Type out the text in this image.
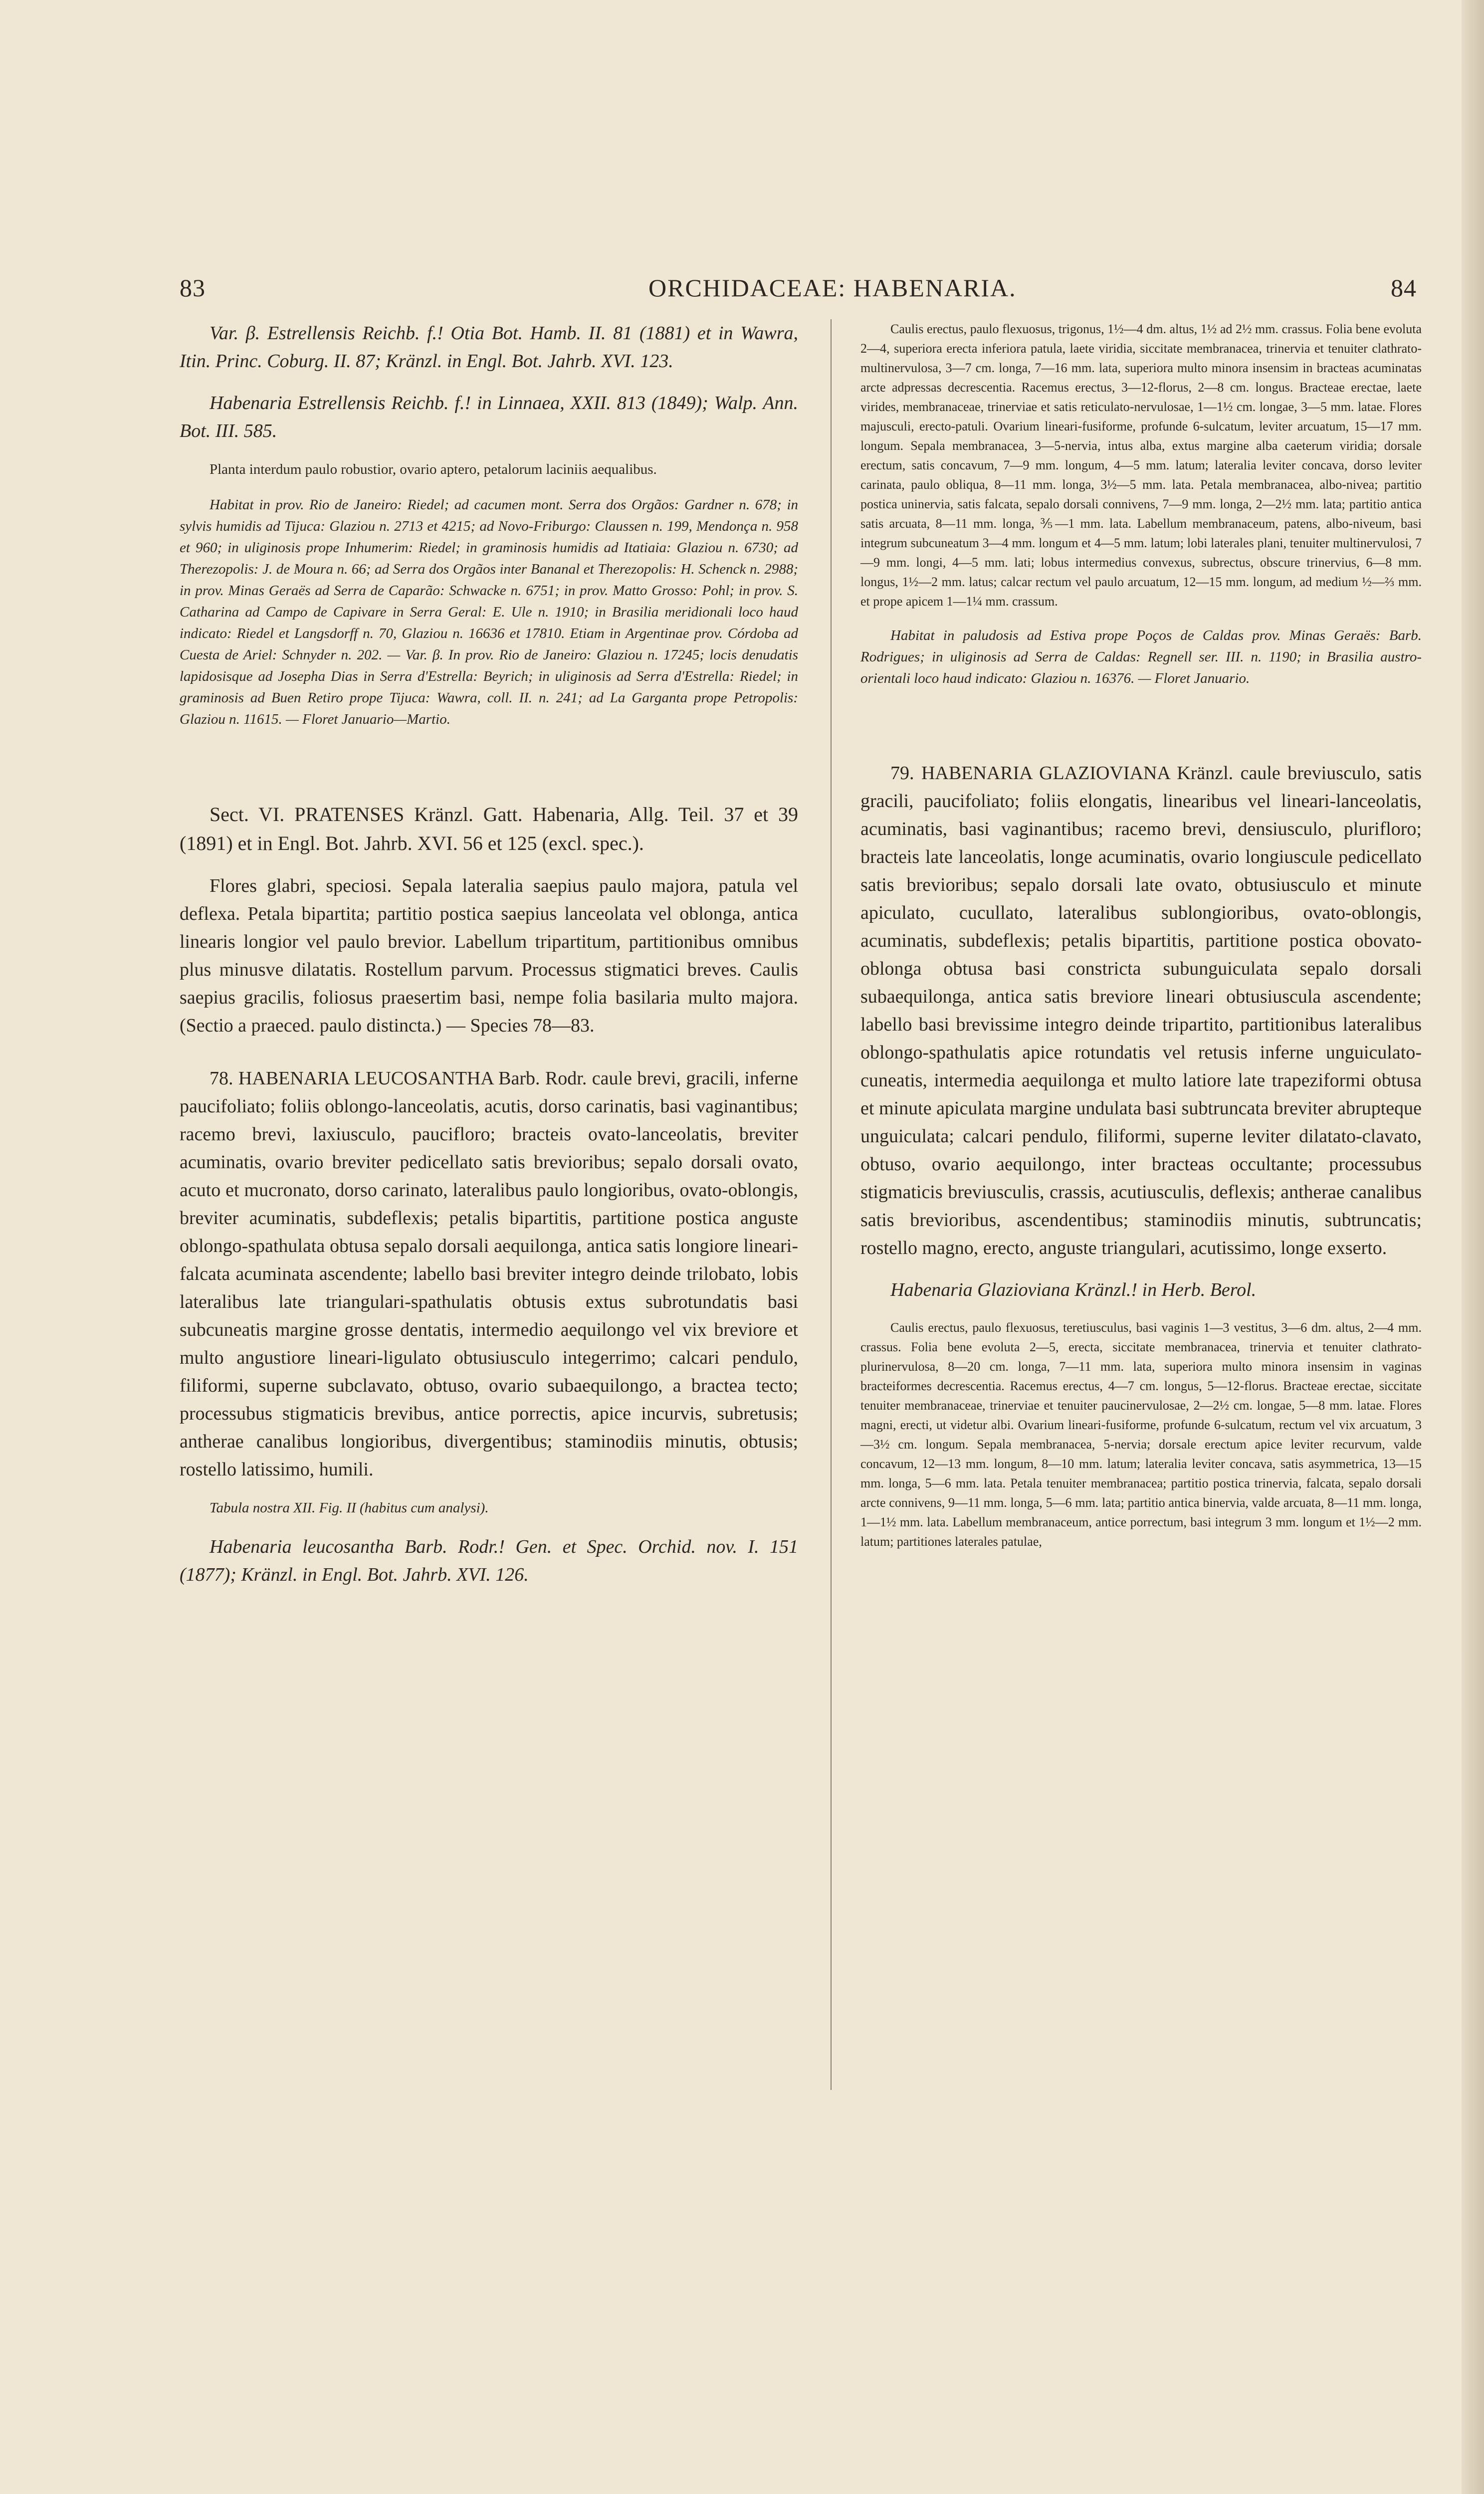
83	ORCHIDACEAE: HABENARIA.	84

Var. β. Estrellensis Reichb. f.! Otia Bot. Hamb. II. 81 (1881) et in Wawra, Itin. Princ. Coburg. II. 87; Kränzl. in Engl. Bot. Jahrb. XVI. 123.

Habenaria Estrellensis Reichb. f.! in Linnaea, XXII. 813 (1849); Walp. Ann. Bot. III. 585.

Planta interdum paulo robustior, ovario aptero, petalorum laciniis aequalibus.

Habitat in prov. Rio de Janeiro: Riedel; ad cacumen mont. Serra dos Orgãos: Gardner n. 678; in sylvis humidis ad Tijuca: Glaziou n. 2713 et 4215; ad Novo-Friburgo: Claussen n. 199, Mendonça n. 958 et 960; in uliginosis prope Inhumerim: Riedel; in graminosis humidis ad Itatiaia: Glaziou n. 6730; ad Therezopolis: J. de Moura n. 66; ad Serra dos Orgãos inter Bananal et Therezopolis: H. Schenck n. 2988; in prov. Minas Geraës ad Serra de Caparão: Schwacke n. 6751; in prov. Matto Grosso: Pohl; in prov. S. Catharina ad Campo de Capivare in Serra Geral: E. Ule n. 1910; in Brasilia meridionali loco haud indicato: Riedel et Langsdorff n. 70, Glaziou n. 16636 et 17810. Etiam in Argentinae prov. Córdoba ad Cuesta de Ariel: Schnyder n. 202. — Var. β. In prov. Rio de Janeiro: Glaziou n. 17245; locis denudatis lapidosisque ad Josepha Dias in Serra d'Estrella: Beyrich; in uliginosis ad Serra d'Estrella: Riedel; in graminosis ad Buen Retiro prope Tijuca: Wawra, coll. II. n. 241; ad La Garganta prope Petropolis: Glaziou n. 11615. — Floret Januario—Martio.

Sect. VI. PRATENSES Kränzl. Gatt. Habenaria, Allg. Teil. 37 et 39 (1891) et in Engl. Bot. Jahrb. XVI. 56 et 125 (excl. spec.).

Flores glabri, speciosi. Sepala lateralia saepius paulo majora, patula vel deflexa. Petala bipartita; partitio postica saepius lanceolata vel oblonga, antica linearis longior vel paulo brevior. Labellum tripartitum, partitionibus omnibus plus minusve dilatatis. Rostellum parvum. Processus stigmatici breves. Caulis saepius gracilis, foliosus praesertim basi, nempe folia basilaria multo majora. (Sectio a praeced. paulo distincta.) — Species 78—83.

78. HABENARIA LEUCOSANTHA Barb. Rodr. caule brevi, gracili, inferne paucifoliato; foliis oblongo-lanceolatis, acutis, dorso carinatis, basi vaginantibus; racemo brevi, laxiusculo, paucifloro; bracteis ovato-lanceolatis, breviter acuminatis, ovario breviter pedicellato satis brevioribus; sepalo dorsali ovato, acuto et mucronato, dorso carinato, lateralibus paulo longioribus, ovato-oblongis, breviter acuminatis, subdeflexis; petalis bipartitis, partitione postica anguste oblongo-spathulata obtusa sepalo dorsali aequilonga, antica satis longiore lineari-falcata acuminata ascendente; labello basi breviter integro deinde trilobato, lobis lateralibus late triangulari-spathulatis obtusis extus subrotundatis basi subcuneatis margine grosse dentatis, intermedio aequilongo vel vix breviore et multo angustiore lineari-ligulato obtusiusculo integerrimo; calcari pendulo, filiformi, superne subclavato, obtuso, ovario subaequilongo, a bractea tecto; processubus stigmaticis brevibus, antice porrectis, apice incurvis, subretusis; antherae canalibus longioribus, divergentibus; staminodiis minutis, obtusis; rostello latissimo, humili.

Tabula nostra XII. Fig. II (habitus cum analysi).

Habenaria leucosantha Barb. Rodr.! Gen. et Spec. Orchid. nov. I. 151 (1877); Kränzl. in Engl. Bot. Jahrb. XVI. 126.

Caulis erectus, paulo flexuosus, trigonus, 1½—4 dm. altus, 1½ ad 2½ mm. crassus. Folia bene evoluta 2—4, superiora erecta inferiora patula, laete viridia, siccitate membranacea, trinervia et tenuiter clathrato-multinervulosa, 3—7 cm. longa, 7—16 mm. lata, superiora multo minora insensim in bracteas acuminatas arcte adpressas decrescentia. Racemus erectus, 3—12-florus, 2—8 cm. longus. Bracteae erectae, laete virides, membranaceae, trinerviae et satis reticulato-nervulosae, 1—1½ cm. longae, 3—5 mm. latae. Flores majusculi, erecto-patuli. Ovarium lineari-fusiforme, profunde 6-sulcatum, leviter arcuatum, 15—17 mm. longum. Sepala membranacea, 3—5-nervia, intus alba, extus margine alba caeterum viridia; dorsale erectum, satis concavum, 7—9 mm. longum, 4—5 mm. latum; lateralia leviter concava, dorso leviter carinata, paulo obliqua, 8—11 mm. longa, 3½—5 mm. lata. Petala membranacea, albo-nivea; partitio postica uninervia, satis falcata, sepalo dorsali connivens, 7—9 mm. longa, 2—2½ mm. lata; partitio antica satis arcuata, 8—11 mm. longa, ⅗—1 mm. lata. Labellum membranaceum, patens, albo-niveum, basi integrum subcuneatum 3—4 mm. longum et 4—5 mm. latum; lobi laterales plani, tenuiter multinervulosi, 7—9 mm. longi, 4—5 mm. lati; lobus intermedius convexus, subrectus, obscure trinervius, 6—8 mm. longus, 1½—2 mm. latus; calcar rectum vel paulo arcuatum, 12—15 mm. longum, ad medium ½—⅔ mm. et prope apicem 1—1¼ mm. crassum.

Habitat in paludosis ad Estiva prope Poços de Caldas prov. Minas Geraës: Barb. Rodrigues; in uliginosis ad Serra de Caldas: Regnell ser. III. n. 1190; in Brasilia austro-orientali loco haud indicato: Glaziou n. 16376. — Floret Januario.

79. HABENARIA GLAZIOVIANA Kränzl. caule breviusculo, satis gracili, paucifoliato; foliis elongatis, linearibus vel lineari-lanceolatis, acuminatis, basi vaginantibus; racemo brevi, densiusculo, plurifloro; bracteis late lanceolatis, longe acuminatis, ovario longiuscule pedicellato satis brevioribus; sepalo dorsali late ovato, obtusiusculo et minute apiculato, cucullato, lateralibus sublongioribus, ovato-oblongis, acuminatis, subdeflexis; petalis bipartitis, partitione postica obovato-oblonga obtusa basi constricta subunguiculata sepalo dorsali subaequilonga, antica satis breviore lineari obtusiuscula ascendente; labello basi brevissime integro deinde tripartito, partitionibus lateralibus oblongo-spathulatis apice rotundatis vel retusis inferne unguiculato-cuneatis, intermedia aequilonga et multo latiore late trapeziformi obtusa et minute apiculata margine undulata basi subtruncata breviter abrupteque unguiculata; calcari pendulo, filiformi, superne leviter dilatato-clavato, obtuso, ovario aequilongo, inter bracteas occultante; processubus stigmaticis breviusculis, crassis, acutiusculis, deflexis; antherae canalibus satis brevioribus, ascendentibus; staminodiis minutis, subtruncatis; rostello magno, erecto, anguste triangulari, acutissimo, longe exserto.

Habenaria Glazioviana Kränzl.! in Herb. Berol.

Caulis erectus, paulo flexuosus, teretiusculus, basi vaginis 1—3 vestitus, 3—6 dm. altus, 2—4 mm. crassus. Folia bene evoluta 2—5, erecta, siccitate membranacea, trinervia et tenuiter clathrato-plurinervulosa, 8—20 cm. longa, 7—11 mm. lata, superiora multo minora insensim in vaginas bracteiformes decrescentia. Racemus erectus, 4—7 cm. longus, 5—12-florus. Bracteae erectae, siccitate tenuiter membranaceae, trinerviae et tenuiter paucinervulosae, 2—2½ cm. longae, 5—8 mm. latae. Flores magni, erecti, ut videtur albi. Ovarium lineari-fusiforme, profunde 6-sulcatum, rectum vel vix arcuatum, 3—3½ cm. longum. Sepala membranacea, 5-nervia; dorsale erectum apice leviter recurvum, valde concavum, 12—13 mm. longum, 8—10 mm. latum; lateralia leviter concava, satis asymmetrica, 13—15 mm. longa, 5—6 mm. lata. Petala tenuiter membranacea; partitio postica trinervia, falcata, sepalo dorsali arcte connivens, 9—11 mm. longa, 5—6 mm. lata; partitio antica binervia, valde arcuata, 8—11 mm. longa, 1—1½ mm. lata. Labellum membranaceum, antice porrectum, basi integrum 3 mm. longum et 1½—2 mm. latum; partitiones laterales patulae,
